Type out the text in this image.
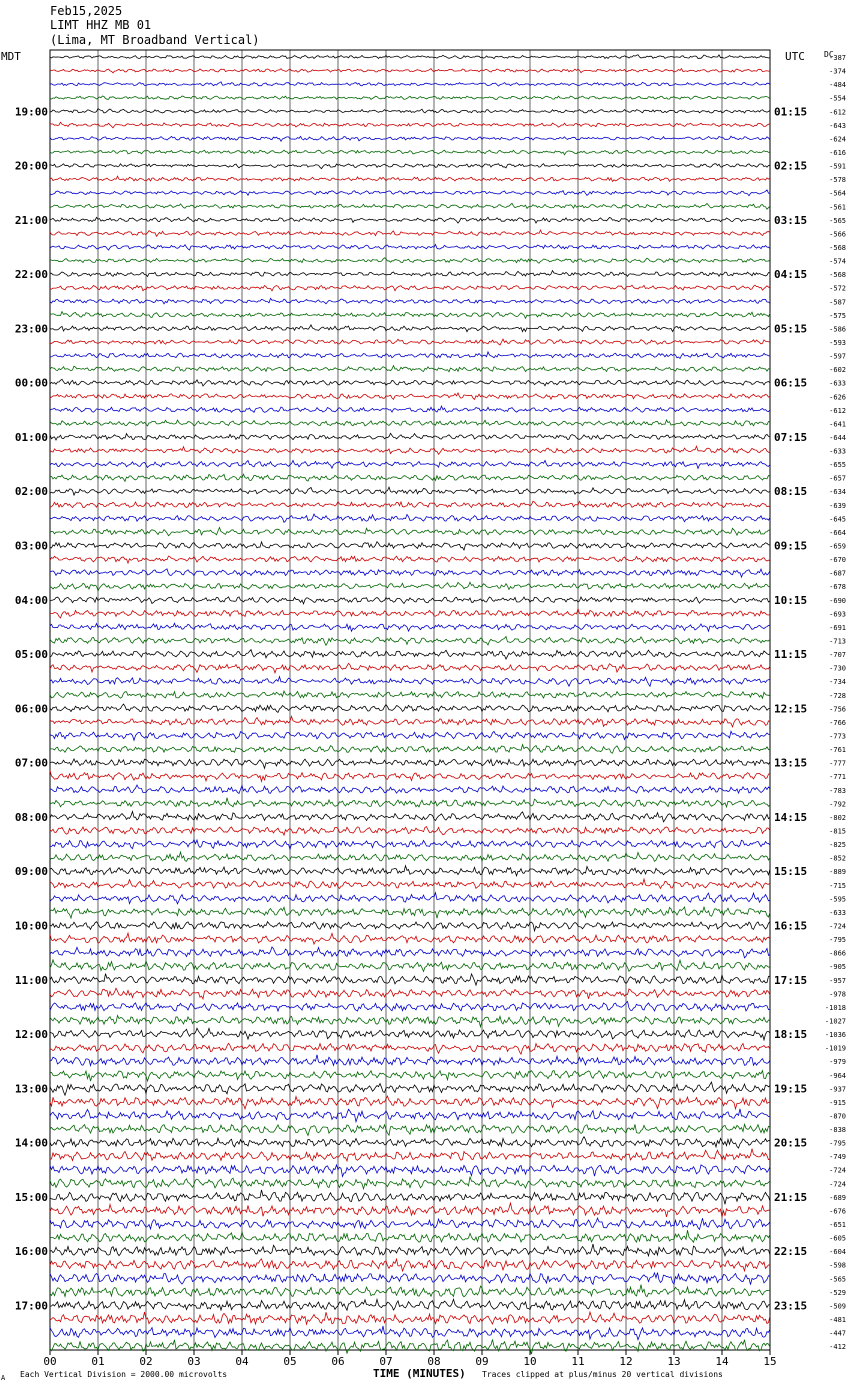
Feb15,2025
LIMT HHZ MB 01
(Lima, MT Broadband Vertical)
MDT	UTC DC
00	01	02	03	04	05	06	07	08	09	10	11	12	13	14	15
19:00
20:00
21:00
22:00
23:00
00:00
01:00
02:00
03:00
04:00
05:00
06:00
07:00
08:00
09:00
10:00
11:00
12:00
13:00
14:00
15:00
16:00
17:00
01:15
02:15
03:15
04:15
05:15
06:15
07:15
08:15
09:15
10:15
11:15
12:15
13:15
14:15
15:15
16:15
17:15
18:15
19:15
20:15
21:15
22:15
23:15
-387
-374
-484
-554
-612
-643
-624
-616
-591
-578
-564
-561
-565
-566
-568
-574
-568
-572
-587
-575
-586
-593
-597
-602
-633
-626
-612
-641
-644
-633
-655
-657
-634
-639
-645
-664
-659
-670
-687
-678
-690
-693
-691
-713
-707
-730
-734
-728
-756
-766
-773
-761
-777
-771
-783
-792
-802
-815
-825
-852
-889
-715
-595
-633
-724
-795
-866
-905
-957
-978
-1018
-1027
-1036
-1019
-979
-964
-937
-915
-870
-838
-795
-749
-724
-724
-689
-676
-651
-605
-604
-598
-565
-529
-509
-481
-447
-412
A Each Vertical Division = 2000.00 microvolts	TIME (MINUTES) Traces clipped at plus/minus 20 vertical divisions
